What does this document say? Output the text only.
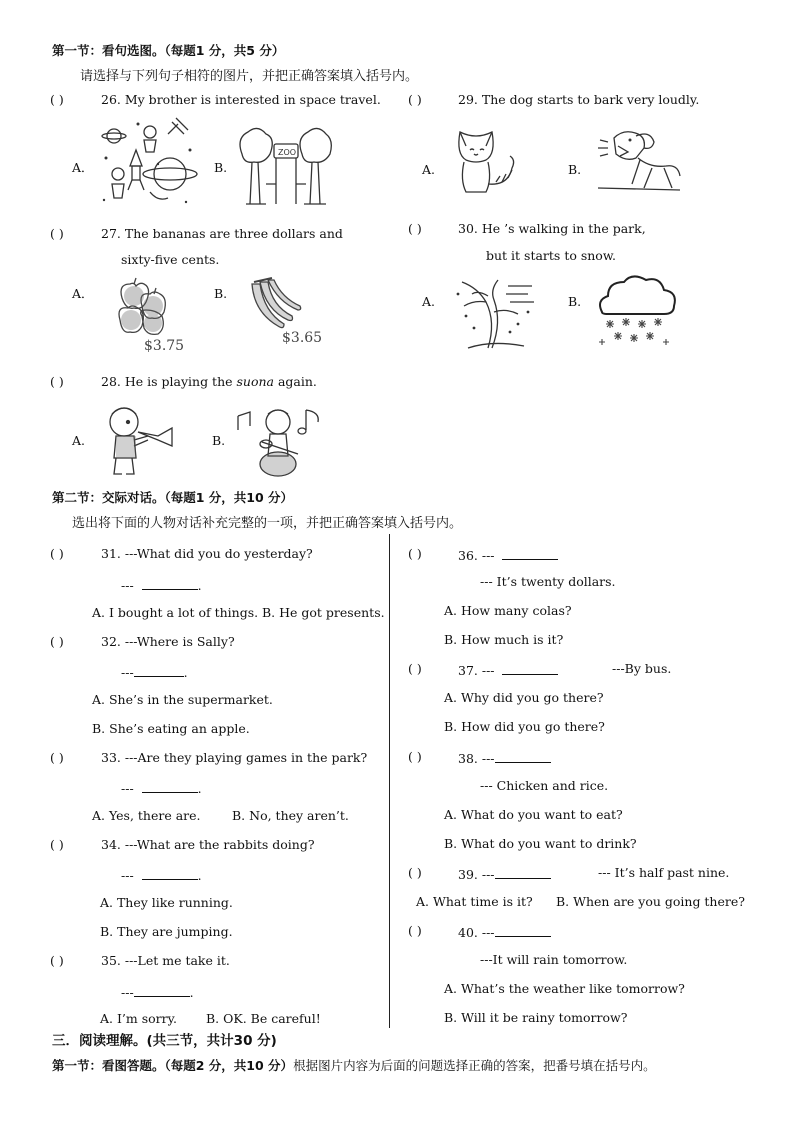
第一节：看句选图。（每题1 分，共5 分）
请选择与下列句子相符的图片，并把正确答案填入括号内。
( )	26. My brother is interested in space travel.
A．	B.
ZOO
( )	27. The bananas are three dollars and
sixty-five cents.
A．
$3.75
B.
$3.65
( )	28. He is playing the suona again.
A.	B.
( )	29. The dog starts to bark very loudly.
A.	B.
( )	30. He ’s walking in the park,
but it starts to snow.
A.	B.
第二节：交际对话。（每题1 分，共10 分）
选出将下面的人物对话补充完整的一项，并把正确答案填入括号内。
( )	31. ---What did you do yesterday?
---	.
A. I bought a lot of things. B. He got presents.
( )	32. ---Where is Sally?
---	.
A. She’s in the supermarket.
B. She’s eating an apple.
( )	33. ---Are they playing games in the park?
---	.
A. Yes, there are.	B. No, they aren’t.
( )	34. ---What are the rabbits doing?
---	.
A. They like running.
B. They are jumping.
( )	35. ---Let me take it.
---	.
A. I’m sorry. B. OK. Be careful!
( )	36. ---
--- It’s twenty dollars.
A. How many colas?
B. How much is it?
( )	37. ---	---By bus.
A. Why did you go there?
B. How did you go there?
( )	38. ---
--- Chicken and rice.
A. What do you want to eat?
B. What do you want to drink?
( )	39. ---	--- It’s half past nine.
A. What time is it? B. When are you going there?
( )	40. ---
---It will rain tomorrow.
A. What’s the weather like tomorrow?
B. Will it be rainy tomorrow?
三．阅读理解。(共三节，共计30 分)
第一节：看图答题。（每题2 分，共10 分）根据图片内容为后面的问题选择正确的答案，把番号填在括号内。
